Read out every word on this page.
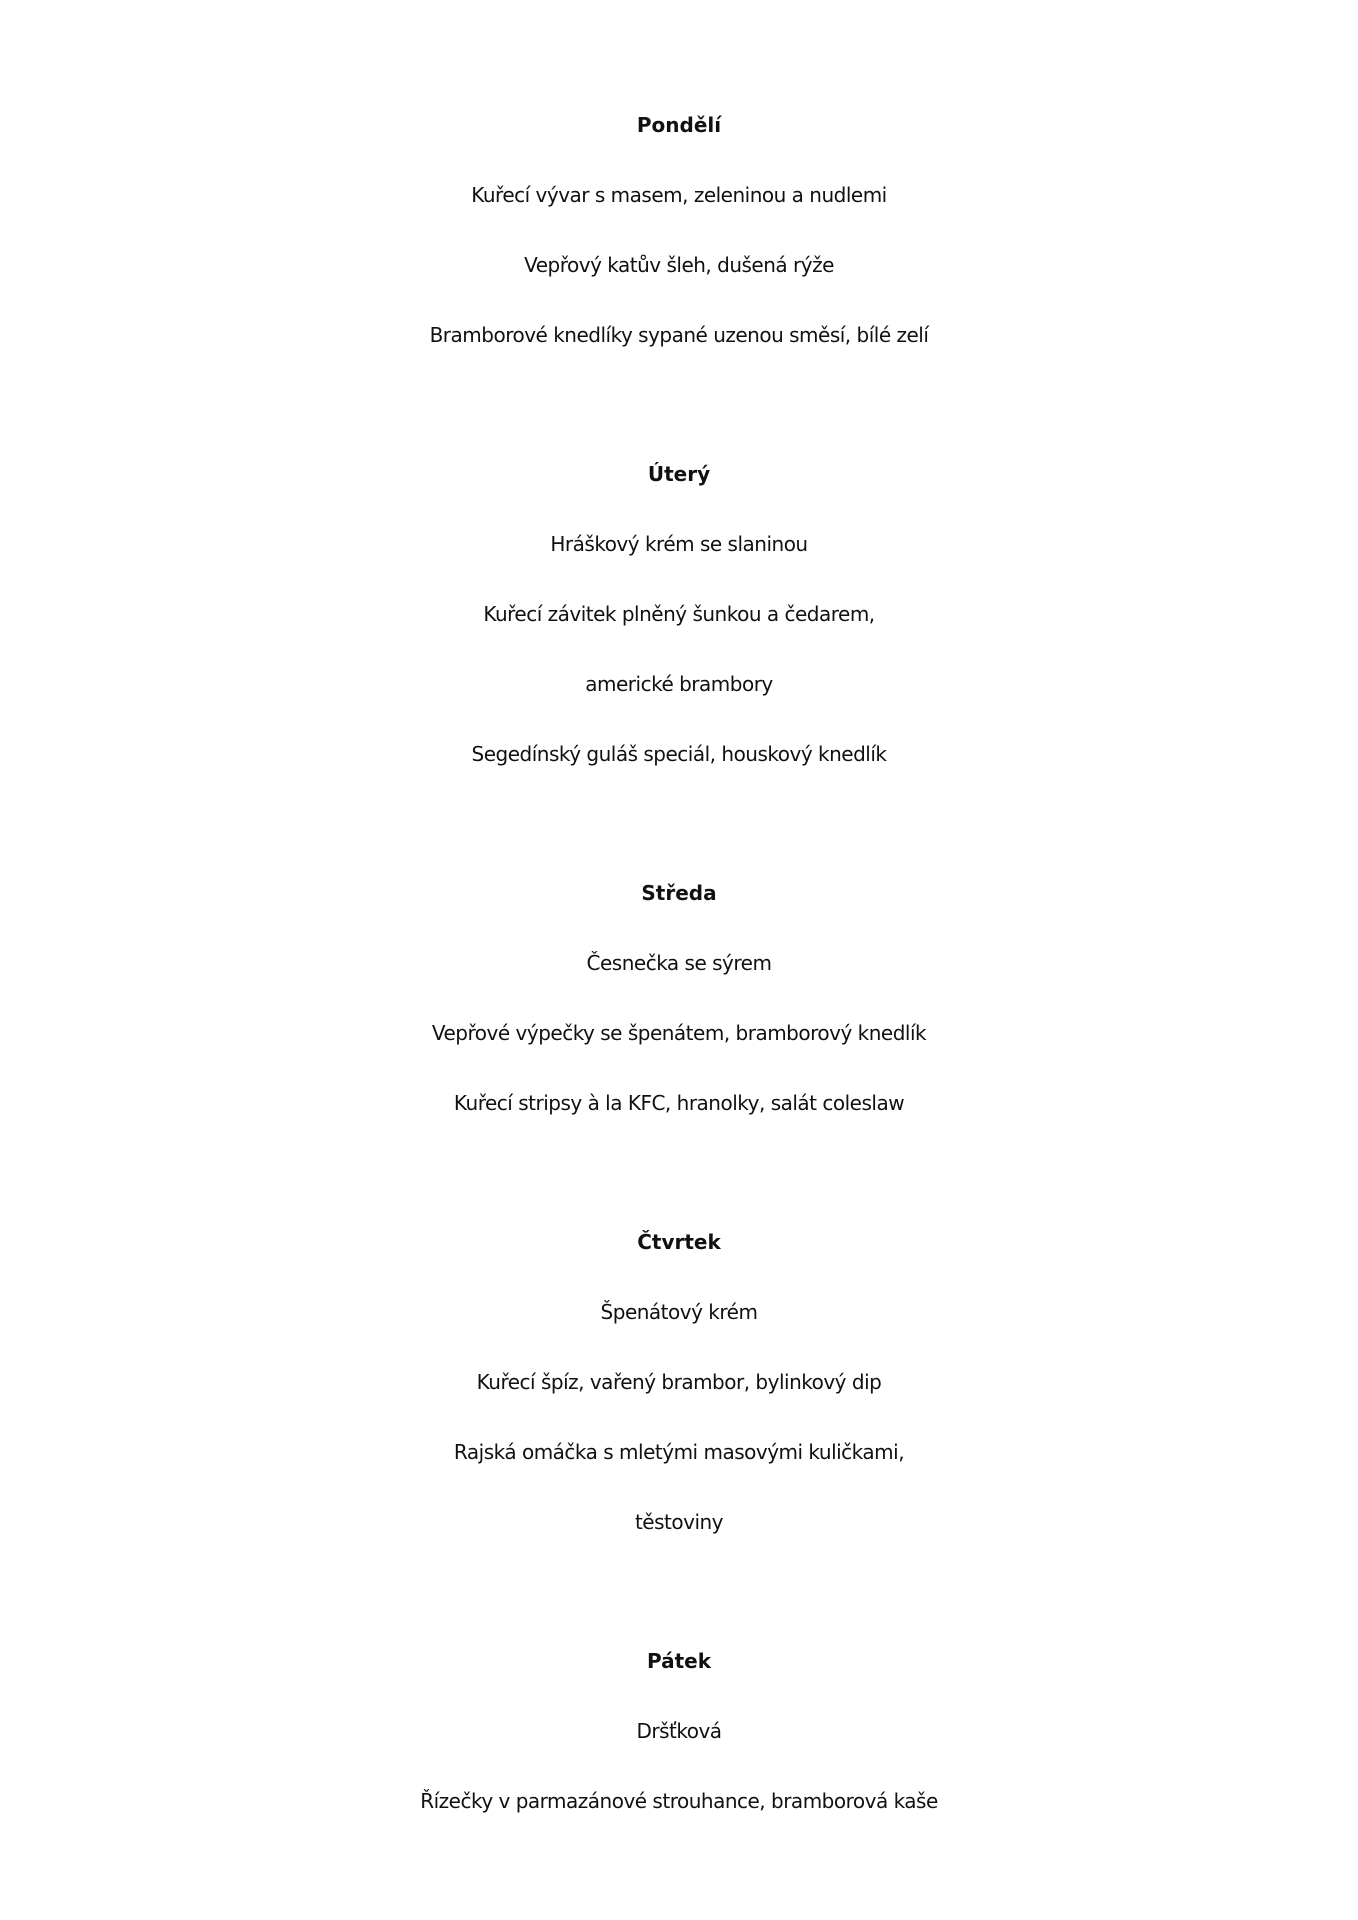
Pondělí

Kuřecí vývar s masem, zeleninou a nudlemi

Vepřový katův šleh, dušená rýže

Bramborové knedlíky sypané uzenou směsí, bílé zelí

Úterý

Hráškový krém se slaninou

Kuřecí závitek plněný šunkou a čedarem,

americké brambory

Segedínský guláš speciál, houskový knedlík

Středa

Česnečka se sýrem

Vepřové výpečky se špenátem, bramborový knedlík

Kuřecí stripsy à la KFC, hranolky, salát coleslaw

Čtvrtek

Špenátový krém

Kuřecí špíz, vařený brambor, bylinkový dip

Rajská omáčka s mletými masovými kuličkami,

těstoviny

Pátek

Dršťková

Řízečky v parmazánové strouhance, bramborová kaše
